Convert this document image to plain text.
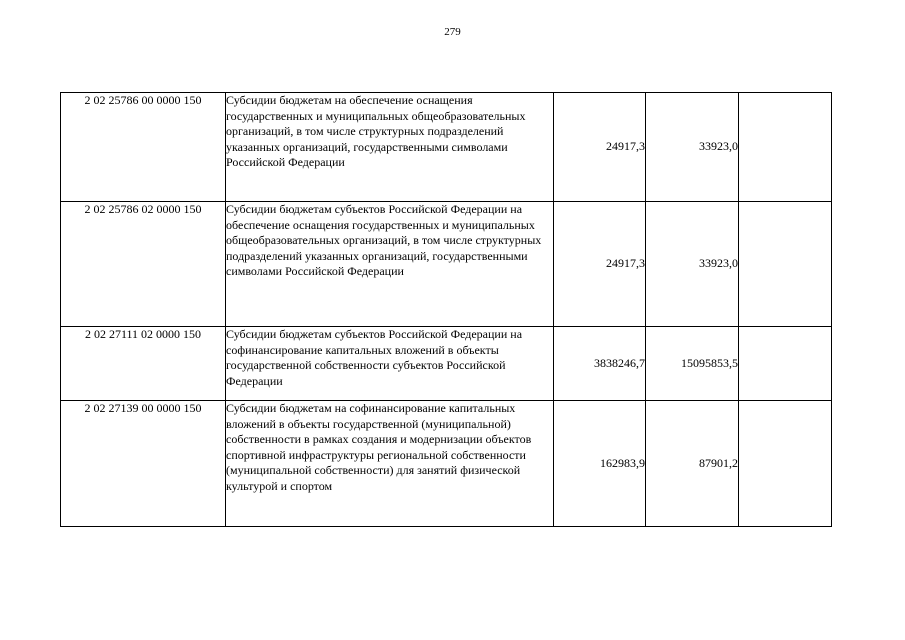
279
2 02 25786 00 0000 150	Субсидии бюджетам на обеспечение оснащения государственных и муниципальных общеобразовательных организаций, в том числе структурных подразделений указанных организаций, государственными символами Российской Федерации	24917,3	33923,0	
2 02 25786 02 0000 150	Субсидии бюджетам субъектов Российской Федерации на обеспечение оснащения государственных и муниципальных общеобразовательных организаций, в том числе структурных подразделений указанных организаций, государственными символами Российской Федерации	24917,3	33923,0	
2 02 27111 02 0000 150	Субсидии бюджетам субъектов Российской Федерации на софинансирование капитальных вложений в объекты государственной собственности субъектов Российской Федерации	3838246,7	15095853,5	
2 02 27139 00 0000 150	Субсидии бюджетам на софинансирование капитальных вложений в объекты государственной (муниципальной) собственности в рамках создания и модернизации объектов спортивной инфраструктуры региональной собственности (муниципальной собственности) для занятий физической культурой и спортом	162983,9	87901,2	
